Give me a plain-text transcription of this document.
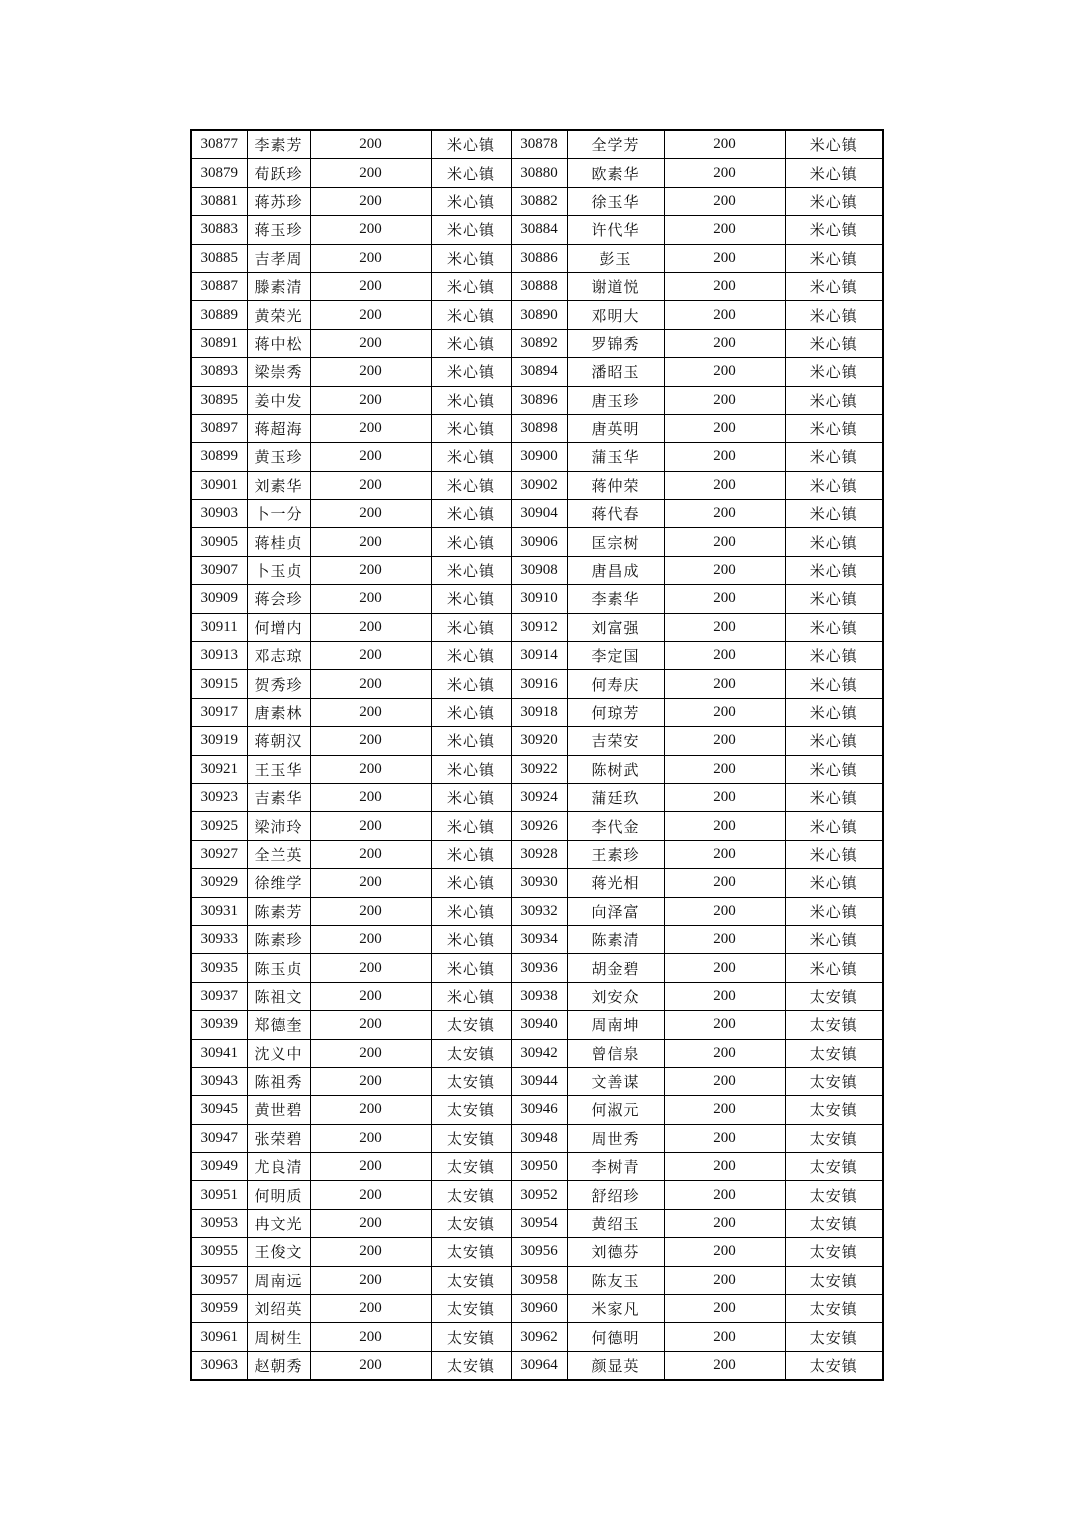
30877	李素芳	200	米心镇	30878	全学芳	200	米心镇
30879	荀跃珍	200	米心镇	30880	欧素华	200	米心镇
30881	蒋苏珍	200	米心镇	30882	徐玉华	200	米心镇
30883	蒋玉珍	200	米心镇	30884	许代华	200	米心镇
30885	吉孝周	200	米心镇	30886	彭玉	200	米心镇
30887	滕素清	200	米心镇	30888	谢道悦	200	米心镇
30889	黄荣光	200	米心镇	30890	邓明大	200	米心镇
30891	蒋中松	200	米心镇	30892	罗锦秀	200	米心镇
30893	梁崇秀	200	米心镇	30894	潘昭玉	200	米心镇
30895	姜中发	200	米心镇	30896	唐玉珍	200	米心镇
30897	蒋超海	200	米心镇	30898	唐英明	200	米心镇
30899	黄玉珍	200	米心镇	30900	蒲玉华	200	米心镇
30901	刘素华	200	米心镇	30902	蒋仲荣	200	米心镇
30903	卜一分	200	米心镇	30904	蒋代春	200	米心镇
30905	蒋桂贞	200	米心镇	30906	匡宗树	200	米心镇
30907	卜玉贞	200	米心镇	30908	唐昌成	200	米心镇
30909	蒋会珍	200	米心镇	30910	李素华	200	米心镇
30911	何增内	200	米心镇	30912	刘富强	200	米心镇
30913	邓志琼	200	米心镇	30914	李定国	200	米心镇
30915	贺秀珍	200	米心镇	30916	何寿庆	200	米心镇
30917	唐素林	200	米心镇	30918	何琼芳	200	米心镇
30919	蒋朝汉	200	米心镇	30920	吉荣安	200	米心镇
30921	王玉华	200	米心镇	30922	陈树武	200	米心镇
30923	吉素华	200	米心镇	30924	蒲廷玖	200	米心镇
30925	梁沛玲	200	米心镇	30926	李代金	200	米心镇
30927	全兰英	200	米心镇	30928	王素珍	200	米心镇
30929	徐维学	200	米心镇	30930	蒋光相	200	米心镇
30931	陈素芳	200	米心镇	30932	向泽富	200	米心镇
30933	陈素珍	200	米心镇	30934	陈素清	200	米心镇
30935	陈玉贞	200	米心镇	30936	胡金碧	200	米心镇
30937	陈祖文	200	米心镇	30938	刘安众	200	太安镇
30939	郑德奎	200	太安镇	30940	周南坤	200	太安镇
30941	沈义中	200	太安镇	30942	曾信泉	200	太安镇
30943	陈祖秀	200	太安镇	30944	文善谋	200	太安镇
30945	黄世碧	200	太安镇	30946	何淑元	200	太安镇
30947	张荣碧	200	太安镇	30948	周世秀	200	太安镇
30949	尤良清	200	太安镇	30950	李树青	200	太安镇
30951	何明质	200	太安镇	30952	舒绍珍	200	太安镇
30953	冉文光	200	太安镇	30954	黄绍玉	200	太安镇
30955	王俊文	200	太安镇	30956	刘德芬	200	太安镇
30957	周南远	200	太安镇	30958	陈友玉	200	太安镇
30959	刘绍英	200	太安镇	30960	米家凡	200	太安镇
30961	周树生	200	太安镇	30962	何德明	200	太安镇
30963	赵朝秀	200	太安镇	30964	颜显英	200	太安镇
